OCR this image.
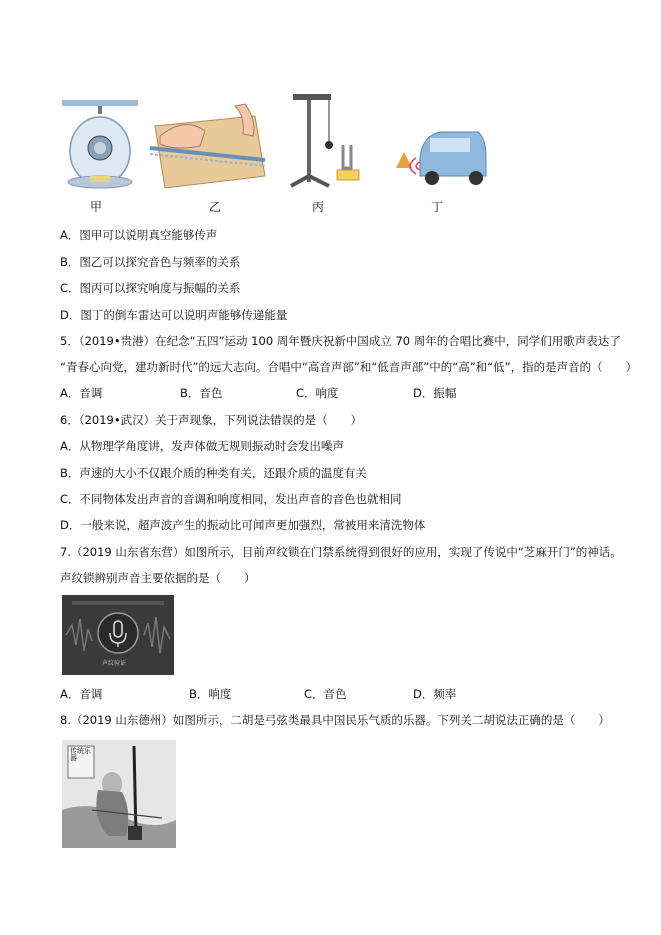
甲	乙	丙	丁
A．图甲可以说明真空能够传声
B．图乙可以探究音色与频率的关系
C．图丙可以探究响度与振幅的关系
D．图丁的倒车雷达可以说明声能够传递能量
5．（2019•贵港）在纪念“五四”运动 100 周年暨庆祝新中国成立 70 周年的合唱比赛中，同学们用歌声表达了
“青春心向党，建功新时代”的远大志向。合唱中“高音声部”和“低音声部”中的“高”和“低”，指的是声音的（　　）
A．音调	B．音色	C．响度	D．振幅
6．（2019•武汉）关于声现象，下列说法错误的是（　　）
A．从物理学角度讲，发声体做无规则振动时会发出噪声
B．声速的大小不仅跟介质的种类有关，还跟介质的温度有关
C．不同物体发出声音的音调和响度相同，发出声音的音色也就相同
D．一般来说，超声波产生的振动比可闻声更加强烈，常被用来清洗物体
7.（2019 山东省东营）如图所示，目前声纹锁在门禁系统得到很好的应用，实现了传说中“芝麻开门”的神话。
声纹锁辨别声音主要依据的是（　　）
声纹验证
A．音调	B．响度	C．音色	D．频率
8.（2019 山东德州）如图所示，二胡是弓弦类最具中国民乐气质的乐器。下列关二胡说法正确的是（　　）
传统乐器
